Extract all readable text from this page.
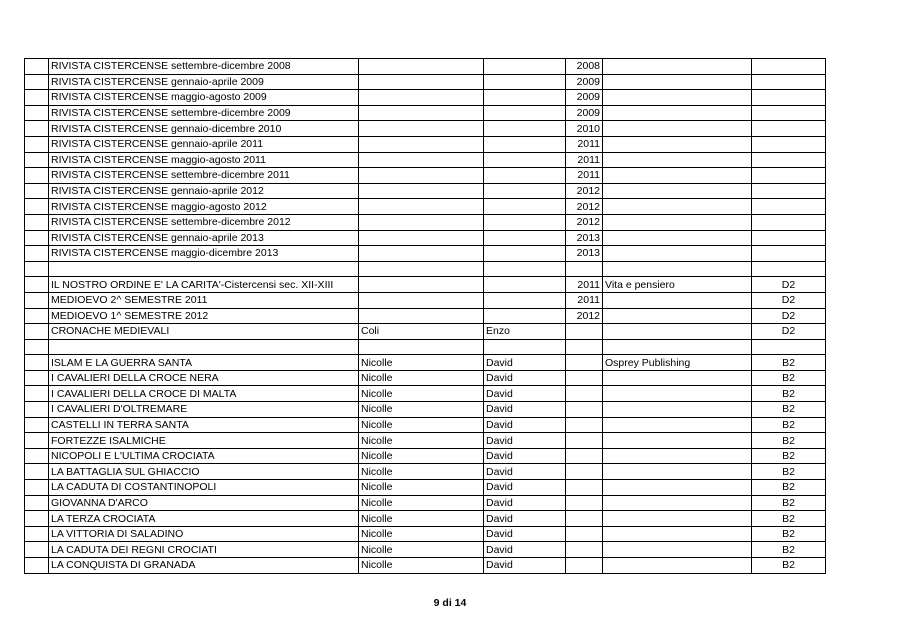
	RIVISTA CISTERCENSE settembre-dicembre 2008			2008		
	RIVISTA CISTERCENSE gennaio-aprile 2009			2009		
	RIVISTA CISTERCENSE maggio-agosto 2009			2009		
	RIVISTA CISTERCENSE settembre-dicembre 2009			2009		
	RIVISTA CISTERCENSE gennaio-dicembre 2010			2010		
	RIVISTA CISTERCENSE gennaio-aprile 2011			2011		
	RIVISTA CISTERCENSE maggio-agosto 2011			2011		
	RIVISTA CISTERCENSE settembre-dicembre 2011			2011		
	RIVISTA CISTERCENSE gennaio-aprile 2012			2012		
	RIVISTA CISTERCENSE maggio-agosto 2012			2012		
	RIVISTA CISTERCENSE settembre-dicembre 2012			2012		
	RIVISTA CISTERCENSE gennaio-aprile 2013			2013		
	RIVISTA CISTERCENSE maggio-dicembre 2013			2013		

	IL NOSTRO ORDINE E' LA CARITA'-Cistercensi sec. XII-XIII			2011	Vita e pensiero	D2
	MEDIOEVO 2^ SEMESTRE 2011			2011		D2
	MEDIOEVO 1^ SEMESTRE 2012			2012		D2
	CRONACHE MEDIEVALI	Coli	Enzo			D2

	ISLAM E LA GUERRA SANTA	Nicolle	David		Osprey Publishing	B2
	I CAVALIERI DELLA CROCE NERA	Nicolle	David			B2
	I CAVALIERI DELLA CROCE DI MALTA	Nicolle	David			B2
	I CAVALIERI D'OLTREMARE	Nicolle	David			B2
	CASTELLI IN TERRA SANTA	Nicolle	David			B2
	FORTEZZE ISALMICHE	Nicolle	David			B2
	NICOPOLI E L'ULTIMA CROCIATA	Nicolle	David			B2
	LA BATTAGLIA SUL GHIACCIO	Nicolle	David			B2
	LA CADUTA DI COSTANTINOPOLI	Nicolle	David			B2
	GIOVANNA D'ARCO	Nicolle	David			B2
	LA TERZA CROCIATA	Nicolle	David			B2
	LA VITTORIA DI SALADINO	Nicolle	David			B2
	LA CADUTA DEI REGNI CROCIATI	Nicolle	David			B2
	LA CONQUISTA DI GRANADA	Nicolle	David			B2
9 di 14
